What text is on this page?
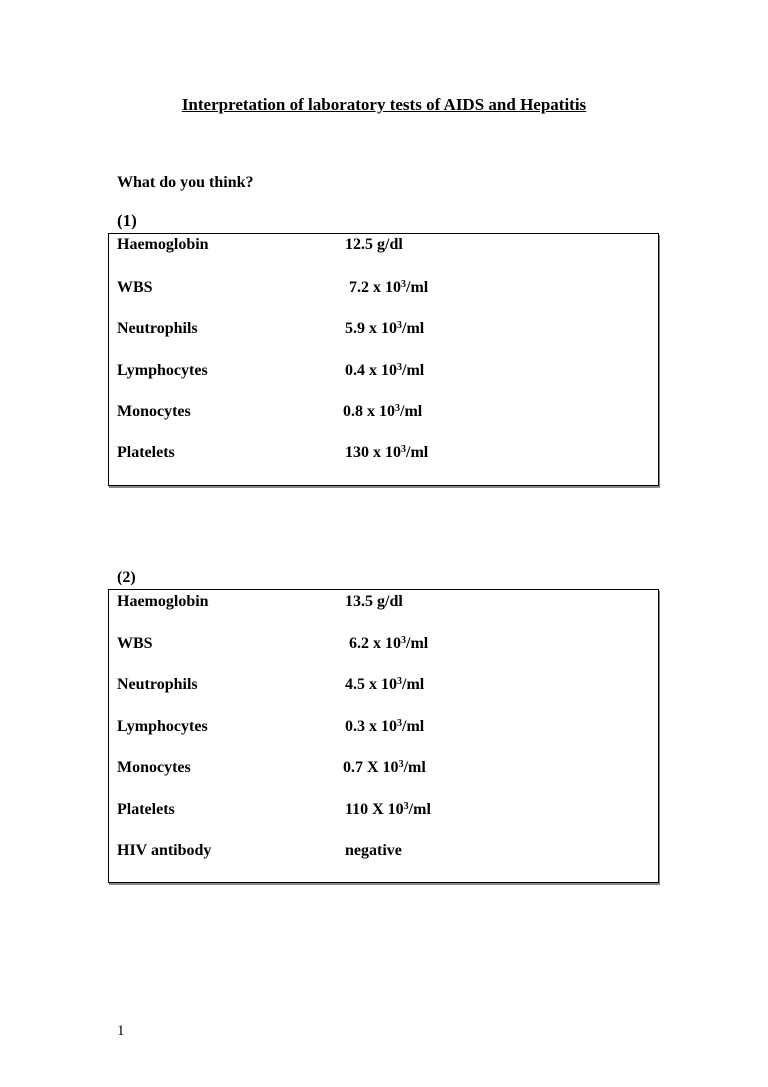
Interpretation of laboratory tests of AIDS and Hepatitis
What do you think?
(1)
Haemoglobin	12.5 g/dl
WBS	7.2 x $10^3/ml$
Neutrophils	5.9 x $10^3/ml$
Lymphocytes	0.4 x $10^3/ml$
Monocytes	0.8 x $10^3/ml$
Platelets	130 x $10^3/ml$
(2)
Haemoglobin	13.5 g/dl
WBS	6.2 x $10^3/ml$
Neutrophils	4.5 x $10^3/ml$
Lymphocytes	0.3 x $10^3/ml$
Monocytes	0.7 X $10^3/ml$
Platelets	110 X $10^3/ml$
HIV antibody	negative
1
